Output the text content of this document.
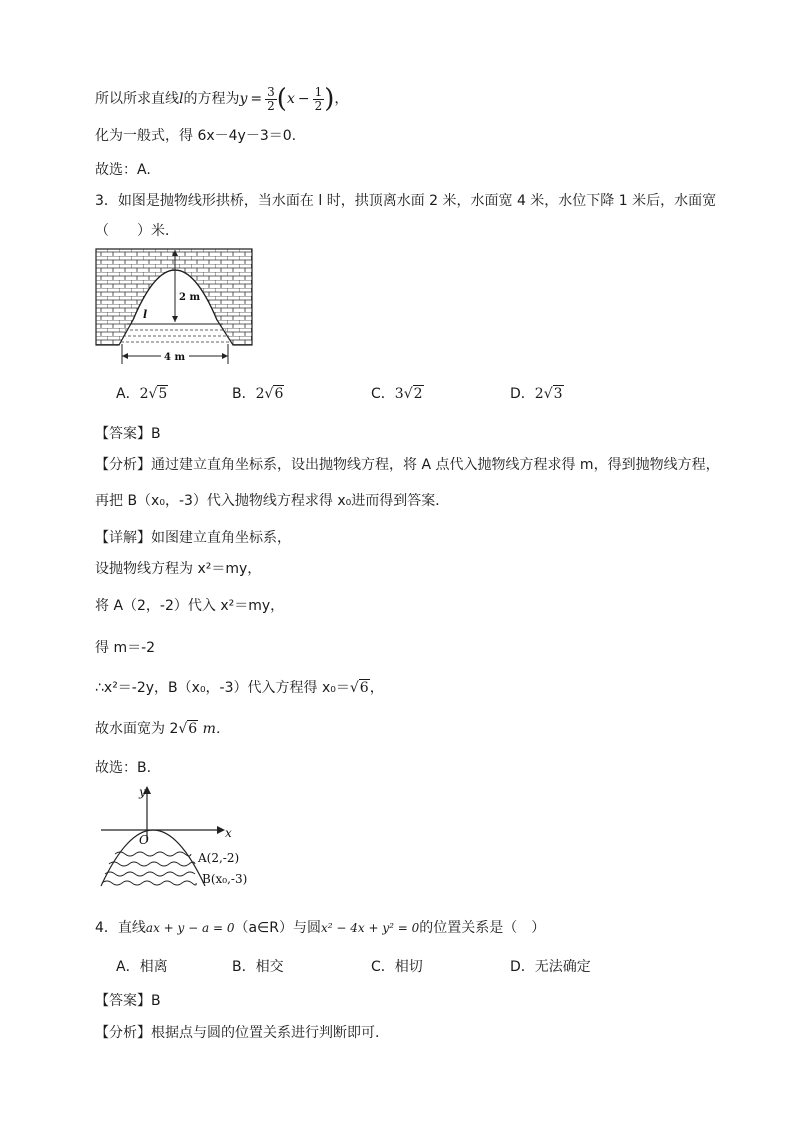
所以所求直线l的方程为$y = \frac{3}{2} (x - \frac{1}{2}$ )，
化为一般式，得 6x－4y－3＝0.
故选：A.
3．如图是抛物线形拱桥，当水面在 l 时，拱顶离水面 2 米，水面宽 4 米，水位下降 1 米后，水面宽
（　　）米．
2 m
l
4 m
A．2√5	B．2√6	C．3√2	D．2√3
【答案】B
【分析】通过建立直角坐标系，设出抛物线方程，将 A 点代入抛物线方程求得 m，得到抛物线方程，
再把 B（x₀，-3）代入抛物线方程求得 x₀进而得到答案．
【详解】如图建立直角坐标系，
设抛物线方程为 x²＝my，
将 A（2，-2）代入 x²＝my，
得 m＝-2
∴x²＝-2y，B（x₀，-3）代入方程得 x₀＝√6，
故水面宽为 2√6 m．
故选：B.
x
y
O
A(2,-2)
B(x₀,-3)
4．直线ax + y − a = 0（a∈R）与圆x² − 4x + y² = 0的位置关系是（　）
A．相离	B．相交	C．相切	D．无法确定
【答案】B
【分析】根据点与圆的位置关系进行判断即可.
